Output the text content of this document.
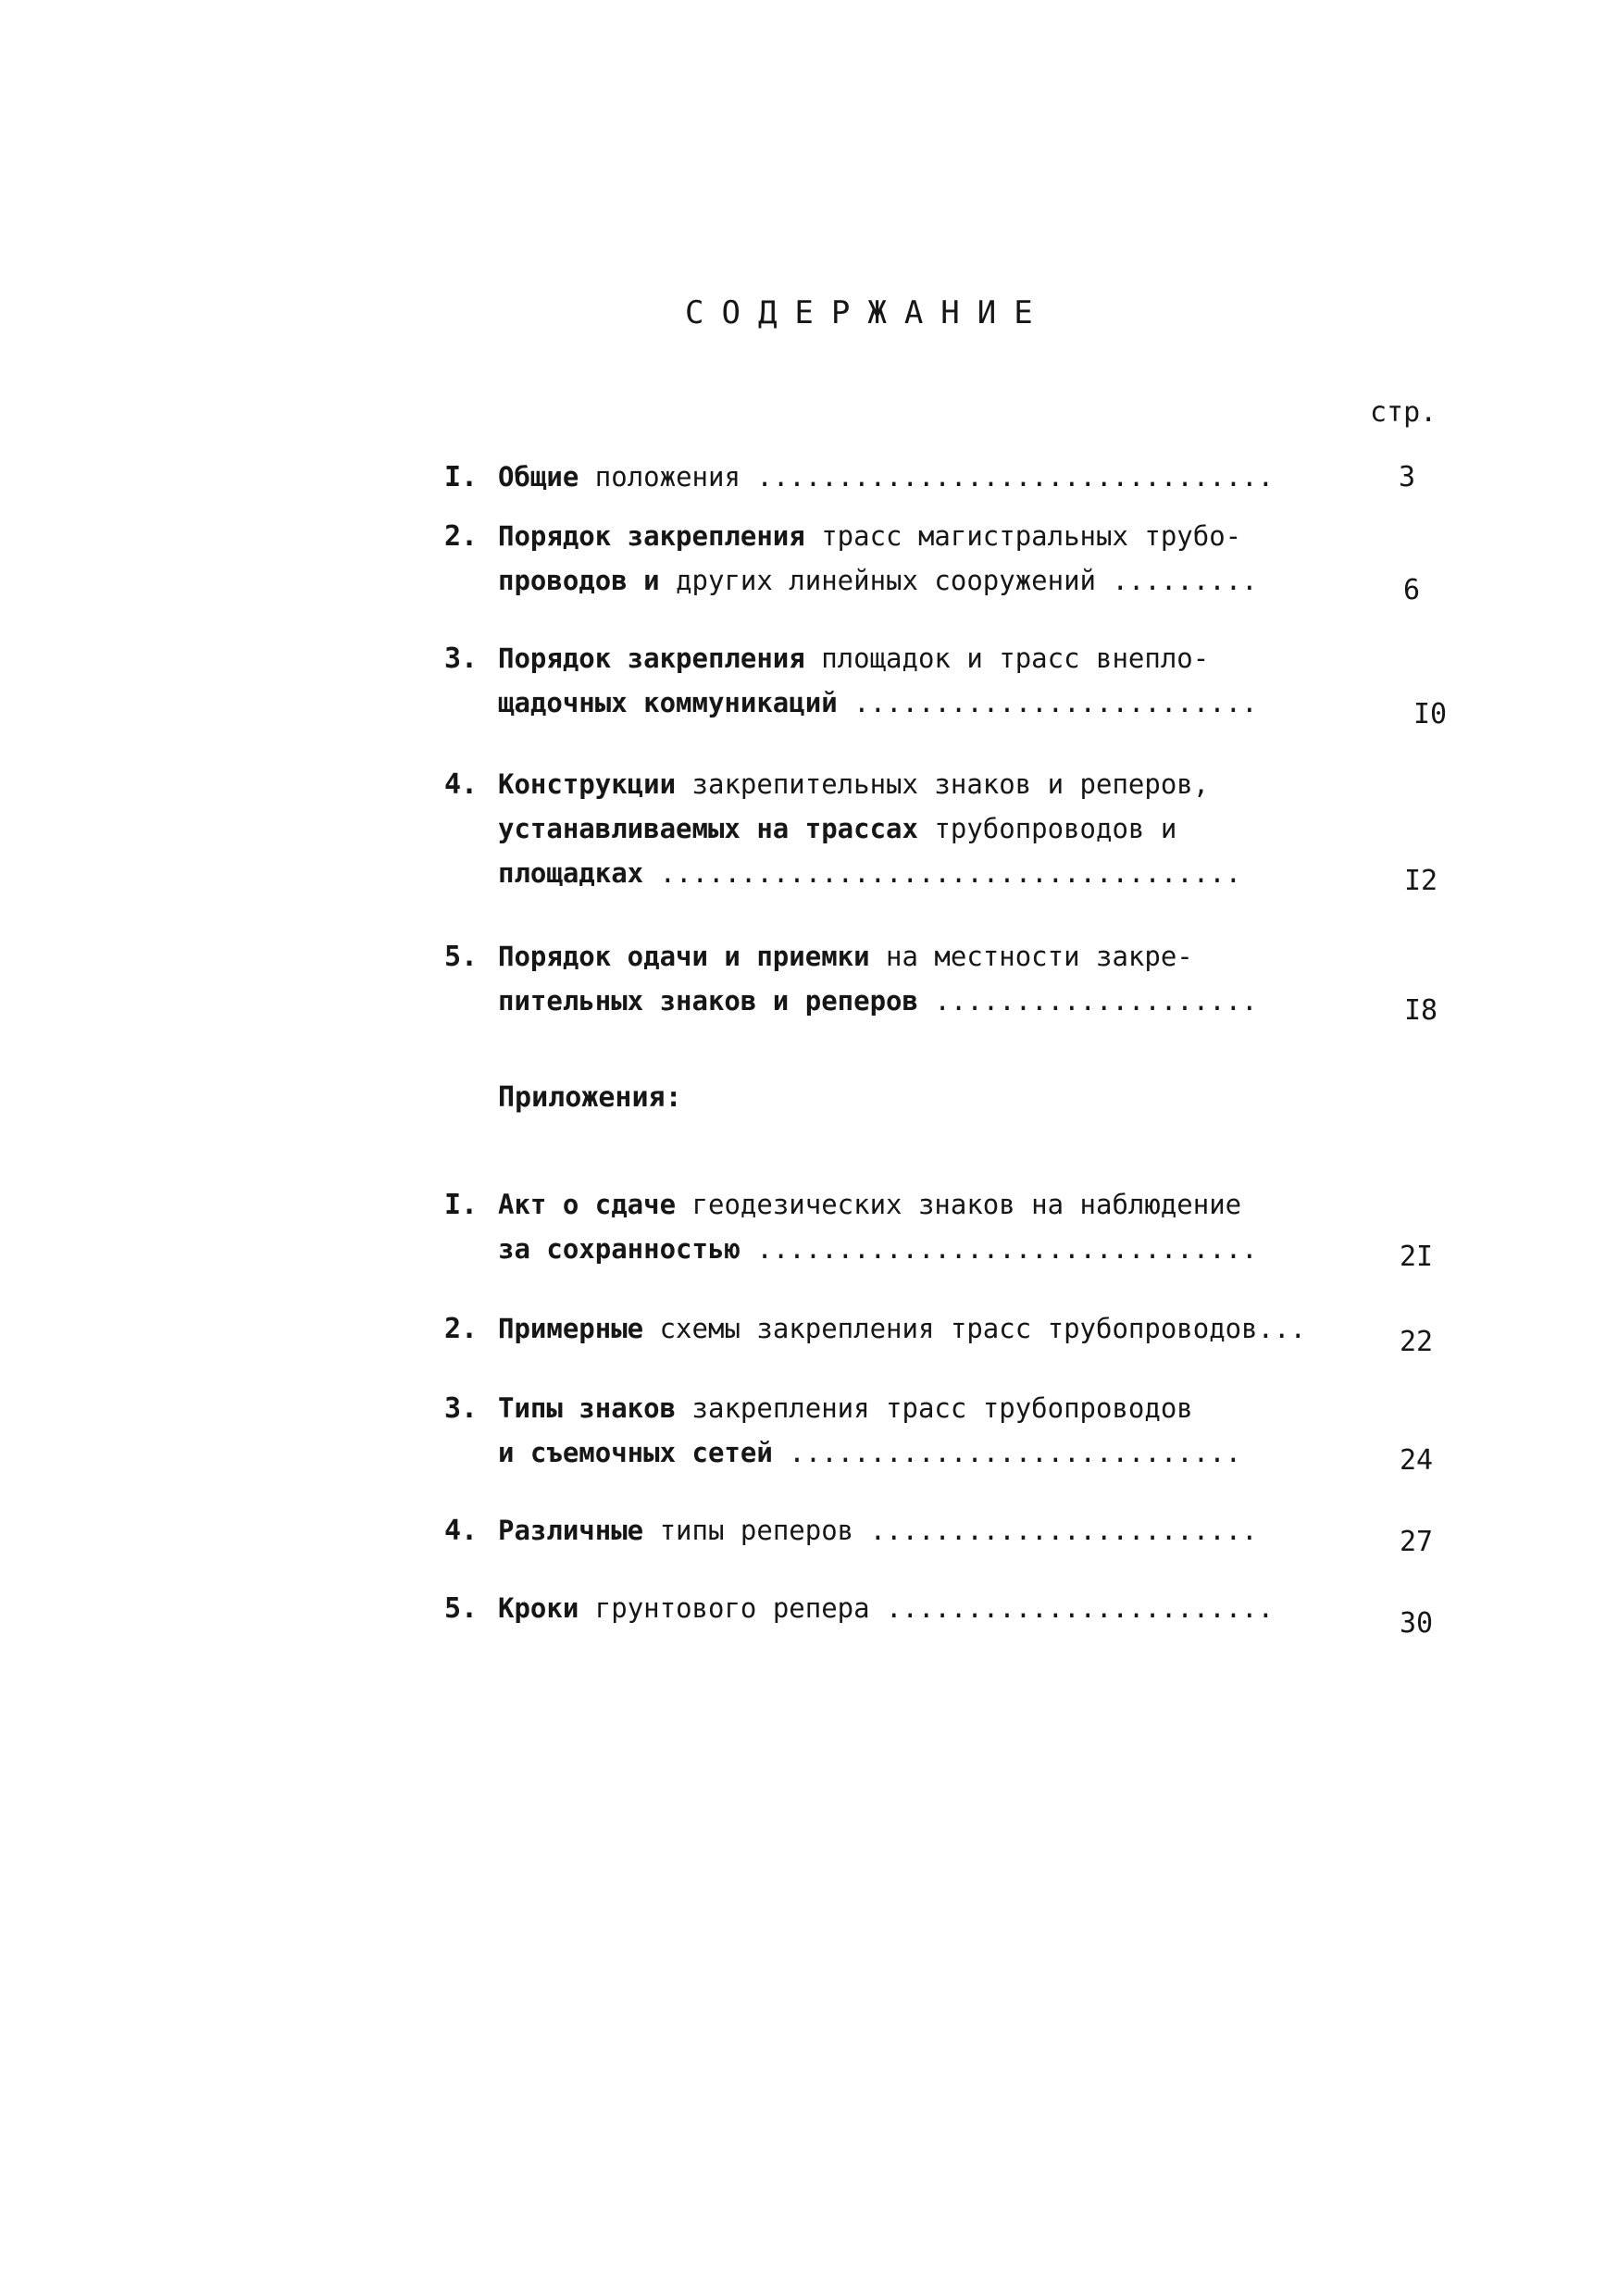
СОДЕРЖАНИЕ
стр.
I. Общие положения ................................	3
2. Порядок закрепления трасс магистральных трубо-
проводов и других линейных сооружений .........	6
3. Порядок закрепления площадок и трасс внеплo-
щадочных коммуникаций .........................	I0
4. Конструкции закрепительных знаков и реперов,
устанавливаемых на трассах трубопроводов и
площадках ....................................	I2
5. Порядок одачи и приемки на местности закре-
пительных знаков и реперов ....................	I8
Приложения:
I. Акт о сдаче геодезических знаков на наблюдение
за сохранностью ...............................	2I
2. Примерные схемы закрепления трасс трубопроводов...	22
3. Типы знаков закрепления трасс трубопроводов
и съемочных сетей ............................	24
4. Различные типы реперов ........................	27
5. Кроки грунтового репера ........................	30
